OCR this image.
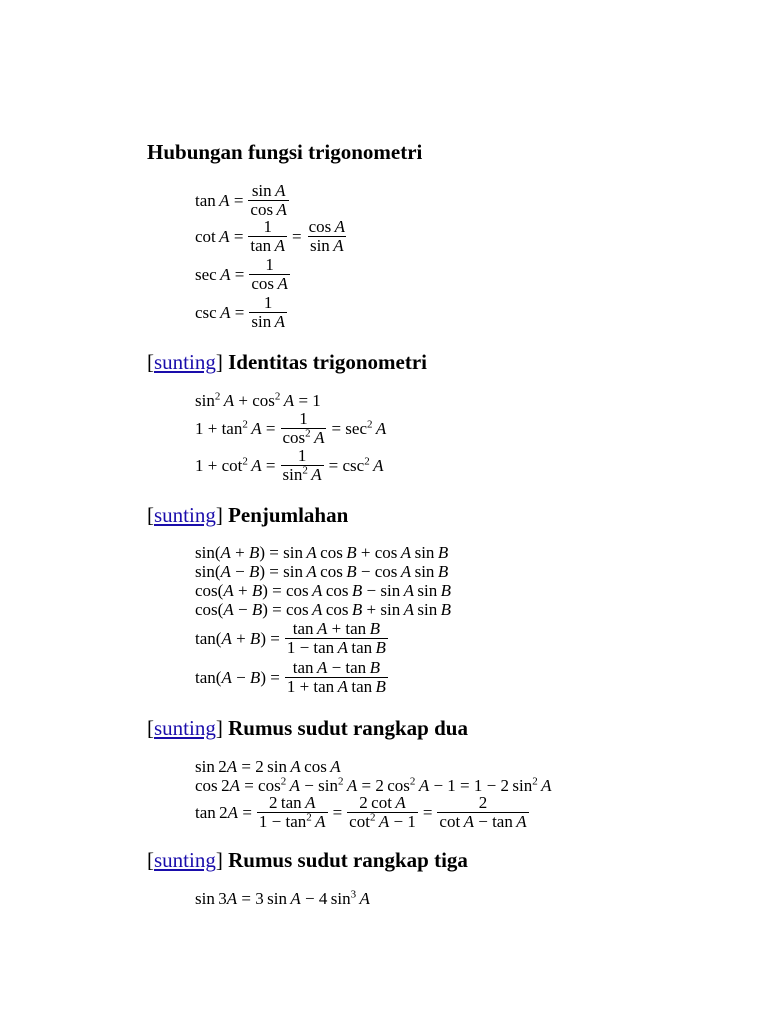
Hubungan fungsi trigonometri
$\tan A = \frac{\text{sin A}}{\text{cos A}}$
$\cot A = \frac{1}{\text{tan A}} = \frac{\text{cos A}}{\text{sin A}}$
$\sec A = \frac{1}{\text{cos A}}$
$\csc A = \frac{1}{\text{sin A}}$
[sunting] Identitas trigonometri
$\sin^2 A + \cos^2 A = 1$
$1 + \tan^2 A = \frac{1}{\cos^2 A} = \sec^2 A$
$1 + \cot^2 A = \frac{1}{\sin^2 A} = \csc^2 A$
[sunting] Penjumlahan
sin(A + B) = sin A cos B + cos A sin B
sin(A − B) = sin A cos B − cos A sin B
cos(A + B) = cos A cos B − sin A sin B
cos(A − B) = cos A cos B + sin A sin B
$\tan(A + B) = \frac{\text{tan A + tan B}}{\text{1 − tan A tan B}}$
$\tan(A - B) = \frac{\text{tan A − tan B}}{\text{1 + tan A tan B}}$
[sunting] Rumus sudut rangkap dua
sin 2A = 2 sin A cos A
$\cos 2A = \cos^2 A - \sin^2 A = 2$ $\cos^2 A - 1 = 1 - 2$ $\sin^2 A$
$\tan 2A = \frac{\text{2 tan A}}{1 - \tan^2 A} = \frac{\text{2 cot A}}{\cot^2 A - 1} = \frac{2}{\text{cot A − tan A}}$
[sunting] Rumus sudut rangkap tiga
sin 3A = 3 sin A − 4 $\sin^3 A$
